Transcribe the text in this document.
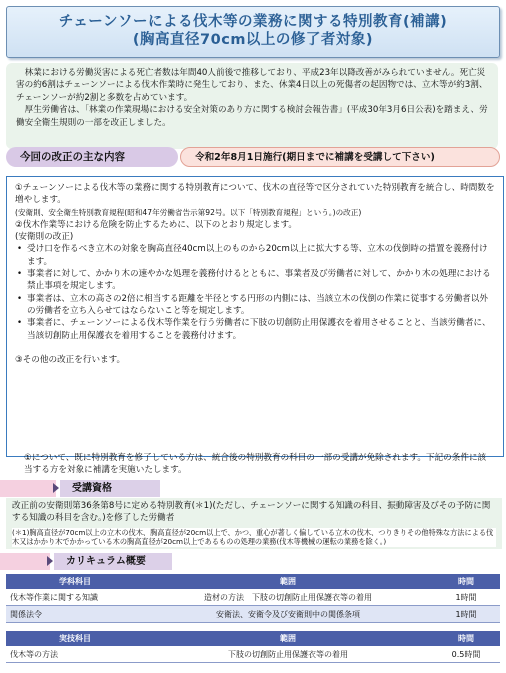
チェーンソーによる伐木等の業務に関する特別教育(補講)
(胸高直径70cm以上の修了者対象)

林業における労働災害による死亡者数は年間40人前後で推移しており、平成23年以降改善がみられていません。死亡災害の約6割はチェーンソーによる伐木作業時に発生しており、また、休業4日以上の死傷者の起因物では、立木等が約3割、チェーンソーが約2割と多数を占めています。

厚生労働省は、「林業の作業現場における安全対策のあり方に関する検討会報告書」(平成30年3月6日公表)を踏まえ、労働安全衛生規則の一部を改正しました。

今回の改正の主な内容	令和2年8月1日施行(期日までに補講を受講して下さい)

①チェーンソーによる伐木等の業務に関する特別教育について、伐木の直径等で区分されていた特別教育を統合し、時間数を増やします。

(安衛則、安全衛生特別教育規程(昭和47年労働省告示第92号。以下「特別教育規程」という。)の改正)

②伐木作業等における危険を防止するために、以下のとおり規定します。

(安衛則の改正)

• 受け口を作るべき立木の対象を胸高直径40cm以上のものから20cm以上に拡大する等、立木の伐倒時の措置を義務付けます。
• 事業者に対して、かかり木の速やかな処理を義務付けるとともに、事業者及び労働者に対して、かかり木の処理における禁止事項を規定します。
• 事業者は、立木の高さの2倍に相当する距離を半径とする円形の内側には、当該立木の伐倒の作業に従事する労働者以外の労働者を立ち入らせてはならないこと等を規定します。
• 事業者に、チェーンソーによる伐木等作業を行う労働者に下肢の切創防止用保護衣を着用させることと、当該労働者に、当該切創防止用保護衣を着用することを義務付けます。

③その他の改正を行います。

①について、既に特別教育を修了している方は、統合後の特別教育の科目の一部の受講が免除されます。下記の条件に該当する方を対象に補講を実施いたします。
受講資格
改正前の安衛則第36条第8号に定める特別教育(＊1)(ただし、チェーンソーに関する知識の科目、振動障害及びその予防に関する知識の科目を含む。)を修了した労働者
(＊1)胸高直径が70cm以上の立木の伐木、胸高直径が20cm以上で、かつ、重心が著しく偏している立木の伐木、つりきりその他特殊な方法による伐木又はかかり木でかかっている木の胸高直径が20cm以上であるものの処理の業務(伐木等機械の運転の業務を除く。)
カリキュラム概要
学科科目	範囲	時間
伐木等作業に関する知識	造材の方法　下肢の切創防止用保護衣等の着用	1時間
関係法令	安衛法、安衛令及び安衛則中の関係条項	1時間
実技科目	範囲	時間
伐木等の方法	下肢の切創防止用保護衣等の着用	0.5時間
